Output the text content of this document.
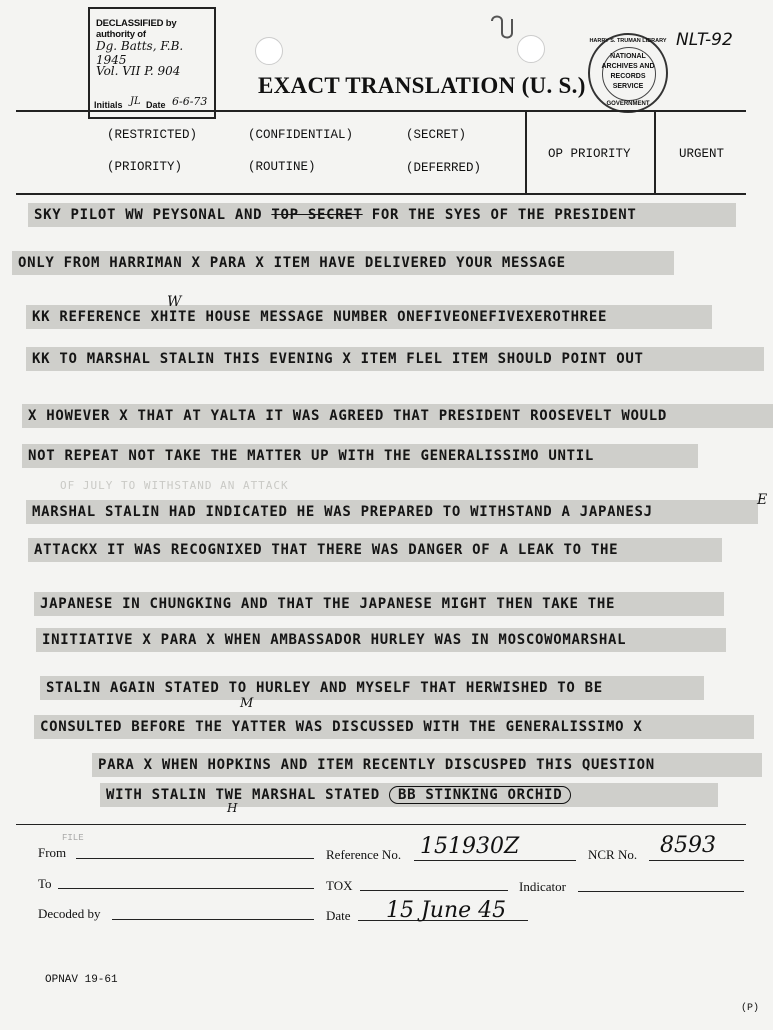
DECLASSIFIED by authority of
Dg. Batts, F.B. 1945
Vol. VII P. 904
Initials JL Date 6-6-73
EXACT TRANSLATION (U. S.)
NLT-92
NATIONAL
ARCHIVES AND
RECORDS
SERVICE
HARRY S. TRUMAN LIBRARY
GOVERNMENT
(RESTRICTED)	(CONFIDENTIAL)	(SECRET)
(PRIORITY)	(ROUTINE)	(DEFERRED)
OP PRIORITY	URGENT
SKY PILOT WW PEYSONAL AND TOP SECRET FOR THE SYES OF THE PRESIDENT
ONLY FROM HARRIMAN X PARA X ITEM HAVE DELIVERED YOUR MESSAGE
KK REFERENCE XHITE HOUSE MESSAGE NUMBER ONEFIVEONEFIVEXEROTHREE
KK TO MARSHAL STALIN THIS EVENING X ITEM FLEL ITEM SHOULD POINT OUT
X HOWEVER X THAT AT YALTA IT WAS AGREED THAT PRESIDENT ROOSEVELT WOULD
NOT REPEAT NOT TAKE THE MATTER UP WITH THE GENERALISSIMO UNTIL
MARSHAL STALIN HAD INDICATED HE WAS PREPARED TO WITHSTAND A JAPANESJ
ATTACKX IT WAS RECOGNIXED THAT THERE WAS DANGER OF A LEAK TO THE
JAPANESE IN CHUNGKING AND THAT THE JAPANESE MIGHT THEN TAKE THE
INITIATIVE X PARA X WHEN AMBASSADOR HURLEY WAS IN MOSCOWOMARSHAL
STALIN AGAIN STATED TO HURLEY AND MYSELF THAT HERWISHED TO BE
CONSULTED BEFORE THE YATTER WAS DISCUSSED WITH THE GENERALISSIMO X
PARA X WHEN HOPKINS AND ITEM RECENTLY DISCUSPED THIS QUESTION
WITH STALIN TWE MARSHAL STATED BB STINKING ORCHID
W
E
M
H
OF JULY TO WITHSTAND AN ATTACK
FILE
From	Reference No. 151930Z	NCR No. 8593
To	TOX	Indicator
Decoded by	Date 15 June 45
OPNAV 19-61
(P)
